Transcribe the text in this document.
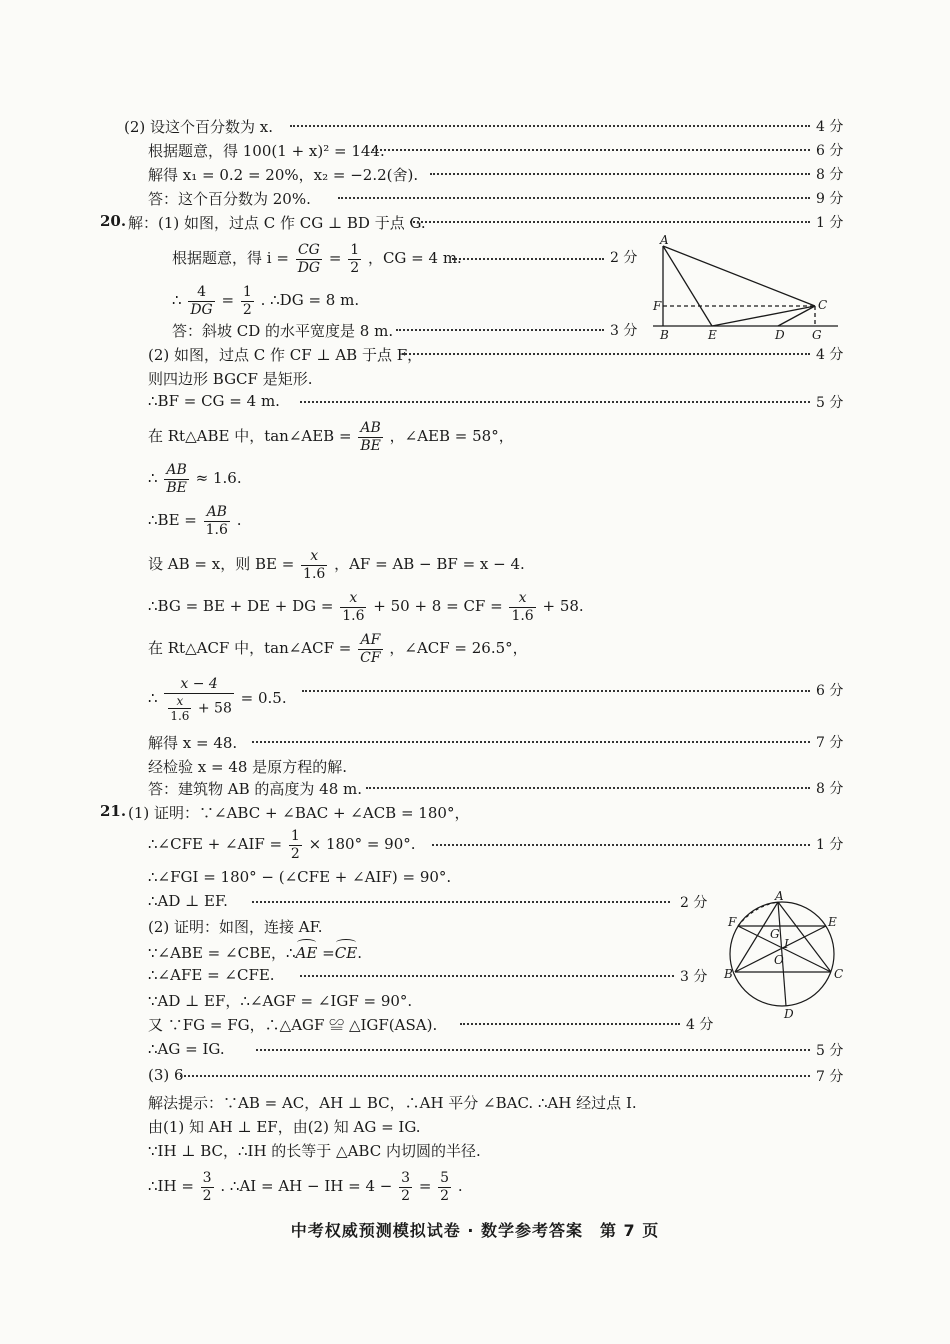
(2) 设这个百分数为 x.	4 分
根据题意，得 100(1 + x)² = 144.	6 分
解得 x₁ = 0.2 = 20%，x₂ = −2.2(舍).	8 分
答：这个百分数为 20%.	9 分
20. 解：(1) 如图，过点 C 作 CG ⊥ BD 于点 G.	1 分
根据题意，得 $i = \frac{CG}{DG} = \frac{1}{2}$ ，CG = 4 m.	2 分
∴ $\frac{4}{DG} = \frac{1}{2}$ . ∴DG = 8 m.
答：斜坡 CD 的水平宽度是 8 m.	3 分
A
F
B	E	D
C
G
(2) 如图，过点 C 作 CF ⊥ AB 于点 F，	4 分
则四边形 BGCF 是矩形.
∴BF = CG = 4 m.	5 分
在 Rt△ABE 中，tan∠AEB = $\frac{AB}{BE}$ ，∠AEB = 58°，
∴ $\frac{AB}{BE} \approx 1.6$.
∴BE = $\frac{AB}{1.6}$ .
设 AB = x，则 BE = $\frac{x}{1.6}$ ，AF = AB − BF = x − 4.
∴BG = BE + DE + DG = $\frac{x}{1.6} + 50 + 8$ = CF = $\frac{x}{1.6} + 58$.
在 Rt△ACF 中，tan∠ACF = $\frac{AF}{CF}$ ，∠ACF = 26.5°，
∴ $\frac{x - 4}{\frac{x}{1.6} + 58} = 0.5$.	6 分
解得 x = 48.	7 分
经检验 x = 48 是原方程的解.
答：建筑物 AB 的高度为 48 m.	8 分
21. (1) 证明：∵∠ABC + ∠BAC + ∠ACB = 180°，
∴∠CFE + ∠AIF = $\frac{1}{2} \times 180^\circ = 90^\circ$.	1 分
∴∠FGI = 180° − (∠CFE + ∠AIF) = 90°.
∴AD ⊥ EF.	2 分
(2) 证明：如图，连接 AF.
∵∠ABE = ∠CBE，∴AE =CE.
∴∠AFE = ∠CFE.	3 分
∵AD ⊥ EF，∴∠AGF = ∠IGF = 90°.
又 ∵FG = FG，∴△AGF ≌ △IGF(ASA).	4 分
A
F	E
G
I
O
B	C
D
∴AG = IG.	5 分
(3) 6	7 分
解法提示：∵AB = AC，AH ⊥ BC，∴AH 平分 ∠BAC. ∴AH 经过点 I.
由(1) 知 AH ⊥ EF，由(2) 知 AG = IG.
∵IH ⊥ BC，∴IH 的长等于 △ABC 内切圆的半径.
∴IH = $\frac{3}{2}$ . ∴AI = AH − IH = $4 - \frac{3}{2} = \frac{5}{2}$ .
中考权威预测模拟试卷 · 数学参考答案　第 7 页
